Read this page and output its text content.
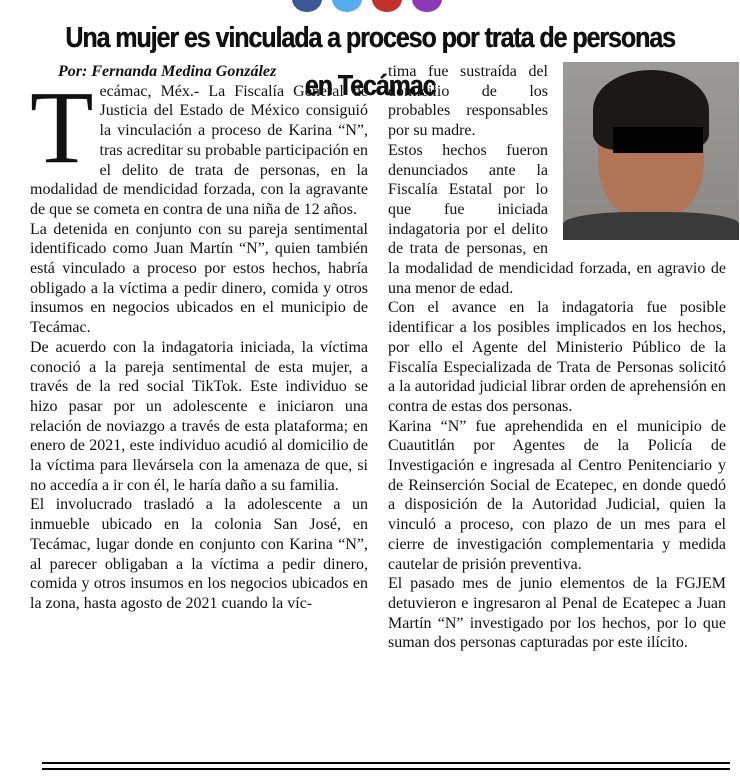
Una mujer es vinculada a proceso por trata de personas en Tecámac

Por: Fernanda Medina González

Tecámac, Méx.- La Fiscalía General de Justicia del Estado de México consiguió la vinculación a proceso de Karina “N”, tras acreditar su probable participación en el delito de trata de personas, en la modalidad de mendicidad forzada, con la agravante de que se cometa en contra de una niña de 12 años.

La detenida en conjunto con su pareja sentimental identificado como Juan Martín “N”, quien también está vinculado a proceso por estos hechos, habría obligado a la víctima a pedir dinero, comida y otros insumos en negocios ubicados en el municipio de Tecámac.

De acuerdo con la indagatoria iniciada, la víctima conoció a la pareja sentimental de esta mujer, a través de la red social TikTok. Este individuo se hizo pasar por un adolescente e iniciaron una relación de noviazgo a través de esta plataforma; en enero de 2021, este individuo acudió al domicilio de la víctima para llevársela con la amenaza de que, si no accedía a ir con él, le haría daño a su familia.

El involucrado trasladó a la adolescente a un inmueble ubicado en la colonia San José, en Tecámac, lugar donde en conjunto con Karina “N”, al parecer obligaban a la víctima a pedir dinero, comida y otros insumos en los negocios ubicados en la zona, hasta agosto de 2021 cuando la víc-

tima fue sustraída del domicilio de los probables responsables por su madre.

Estos hechos fueron denunciados ante la Fiscalía Estatal por lo que fue iniciada indagatoria por el delito de trata de personas, en la modalidad de mendicidad forzada, en agravio de una menor de edad.

Con el avance en la indagatoria fue posible identificar a los posibles implicados en los hechos, por ello el Agente del Ministerio Público de la Fiscalía Especializada de Trata de Personas solicitó a la autoridad judicial librar orden de aprehensión en contra de estas dos personas.

Karina “N” fue aprehendida en el municipio de Cuautitlán por Agentes de la Policía de Investigación e ingresada al Centro Penitenciario y de Reinserción Social de Ecatepec, en donde quedó a disposición de la Autoridad Judicial, quien la vinculó a proceso, con plazo de un mes para el cierre de investigación complementaria y medida cautelar de prisión preventiva.

El pasado mes de junio elementos de la FGJEM detuvieron e ingresaron al Penal de Ecatepec a Juan Martín “N” investigado por los hechos, por lo que suman dos personas capturadas por este ilícito.
